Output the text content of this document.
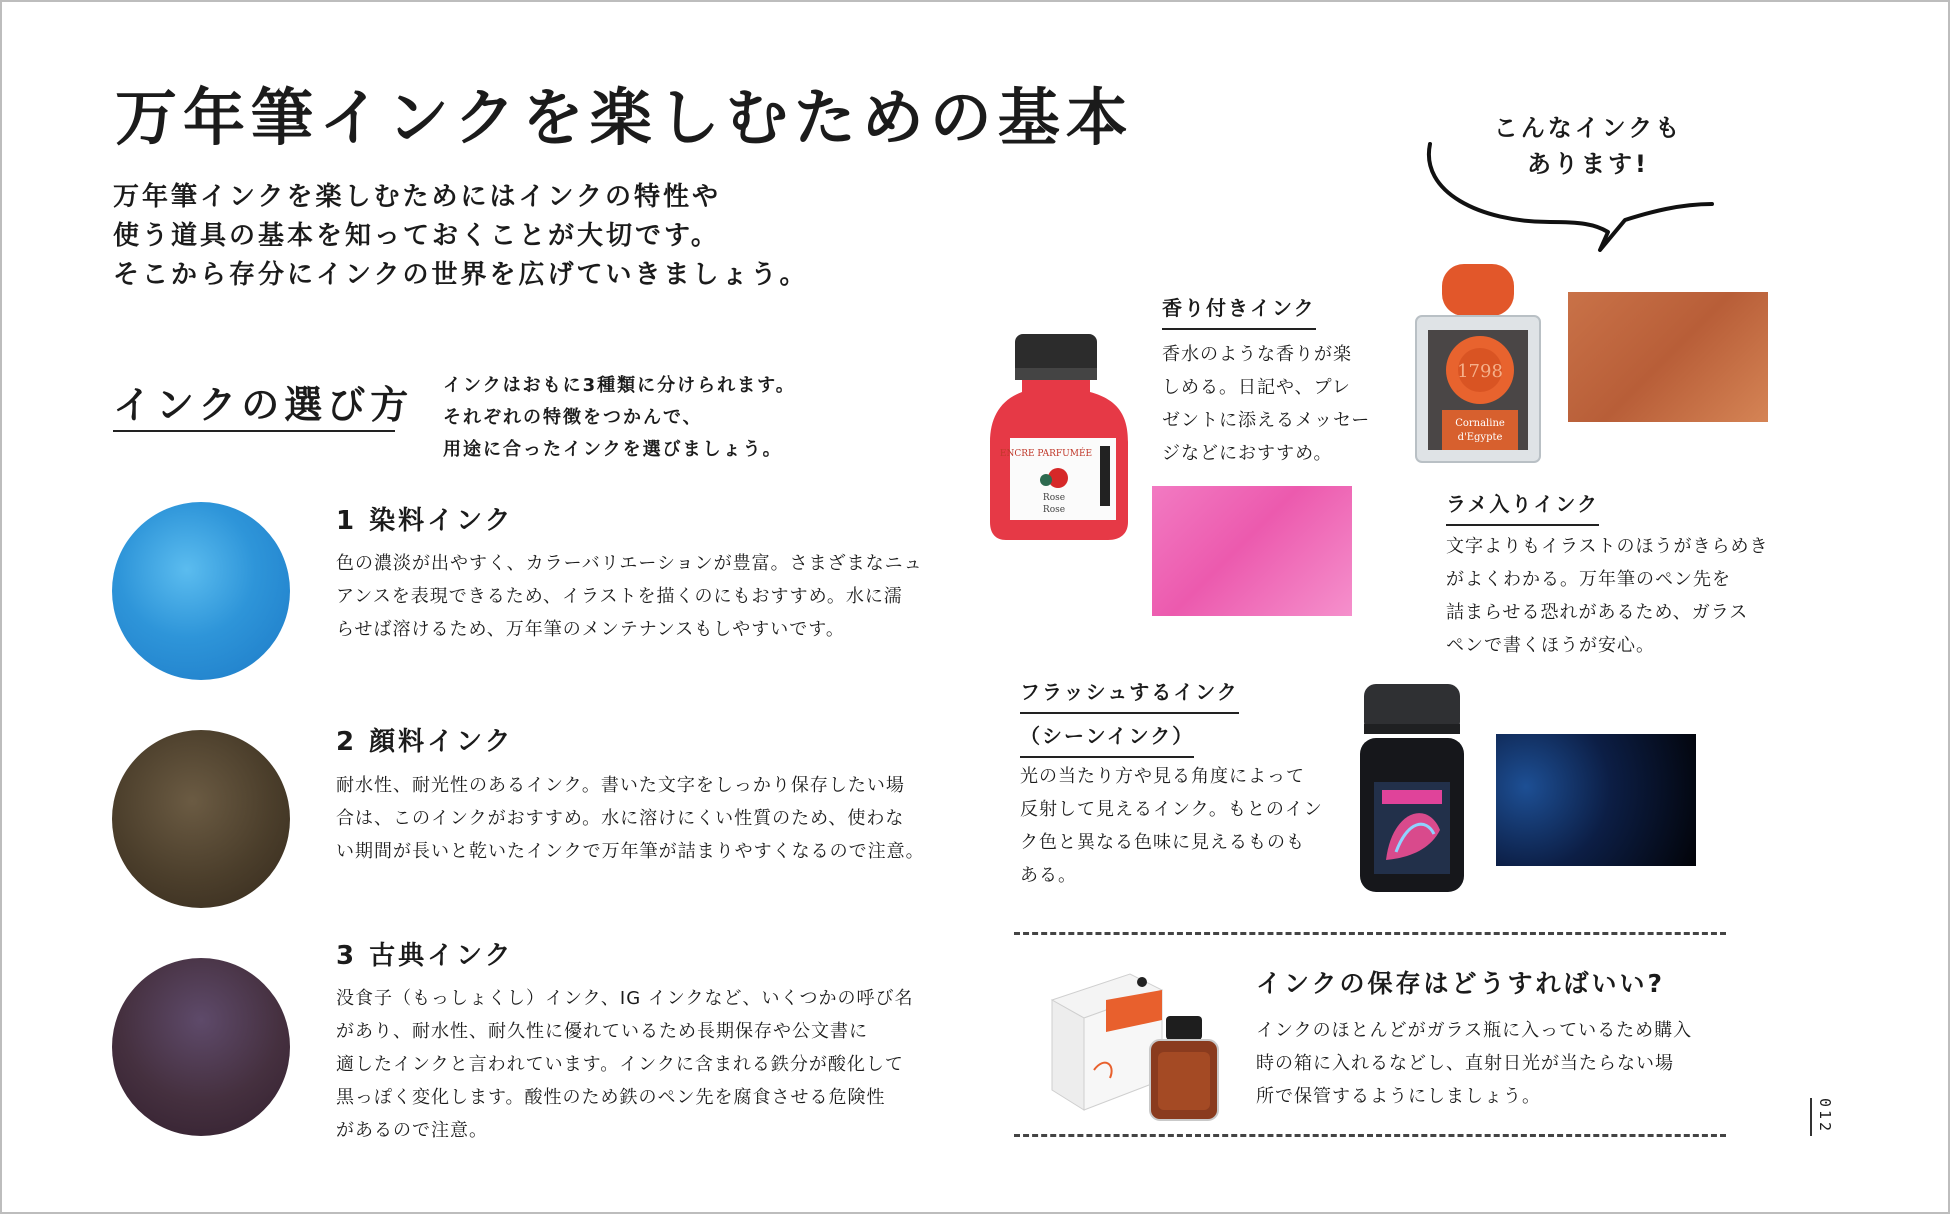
万年筆インクを楽しむための基本
万年筆インクを楽しむためにはインクの特性や
使う道具の基本を知っておくことが大切です。
そこから存分にインクの世界を広げていきましょう。
インクの選び方 インクはおもに3種類に分けられます。
それぞれの特徴をつかんで、
用途に合ったインクを選びましょう。
1 染料インク
色の濃淡が出やすく、カラーバリエーションが豊富。さまざまなニュ
アンスを表現できるため、イラストを描くのにもおすすめ。水に濡
らせば溶けるため、万年筆のメンテナンスもしやすいです。
2 顔料インク
耐水性、耐光性のあるインク。書いた文字をしっかり保存したい場
合は、このインクがおすすめ。水に溶けにくい性質のため、使わな
い期間が長いと乾いたインクで万年筆が詰まりやすくなるので注意。
3 古典インク
没食子（もっしょくし）インク、IG インクなど、いくつかの呼び名
があり、耐水性、耐久性に優れているため長期保存や公文書に
適したインクと言われています。インクに含まれる鉄分が酸化して
黒っぽく変化します。酸性のため鉄のペン先を腐食させる危険性
があるので注意。
こんなインクも
あります!
ENCRE PARFUMÉE
Rose
Rose
香り付きインク
香水のような香りが楽
しめる。日記や、プレ
ゼントに添えるメッセー
ジなどにおすすめ。
1798
Cornaline
d'Egypte
ラメ入りインク
文字よりもイラストのほうがきらめき
がよくわかる。万年筆のペン先を
詰まらせる恐れがあるため、ガラス
ペンで書くほうが安心。
フラッシュするインク
（シーンインク）
光の当たり方や見る角度によって
反射して見えるインク。もとのイン
ク色と異なる色味に見えるものも
ある。
インクの保存はどうすればいい?
インクのほとんどがガラス瓶に入っているため購入
時の箱に入れるなどし、直射日光が当たらない場
所で保管するようにしましょう。
012
